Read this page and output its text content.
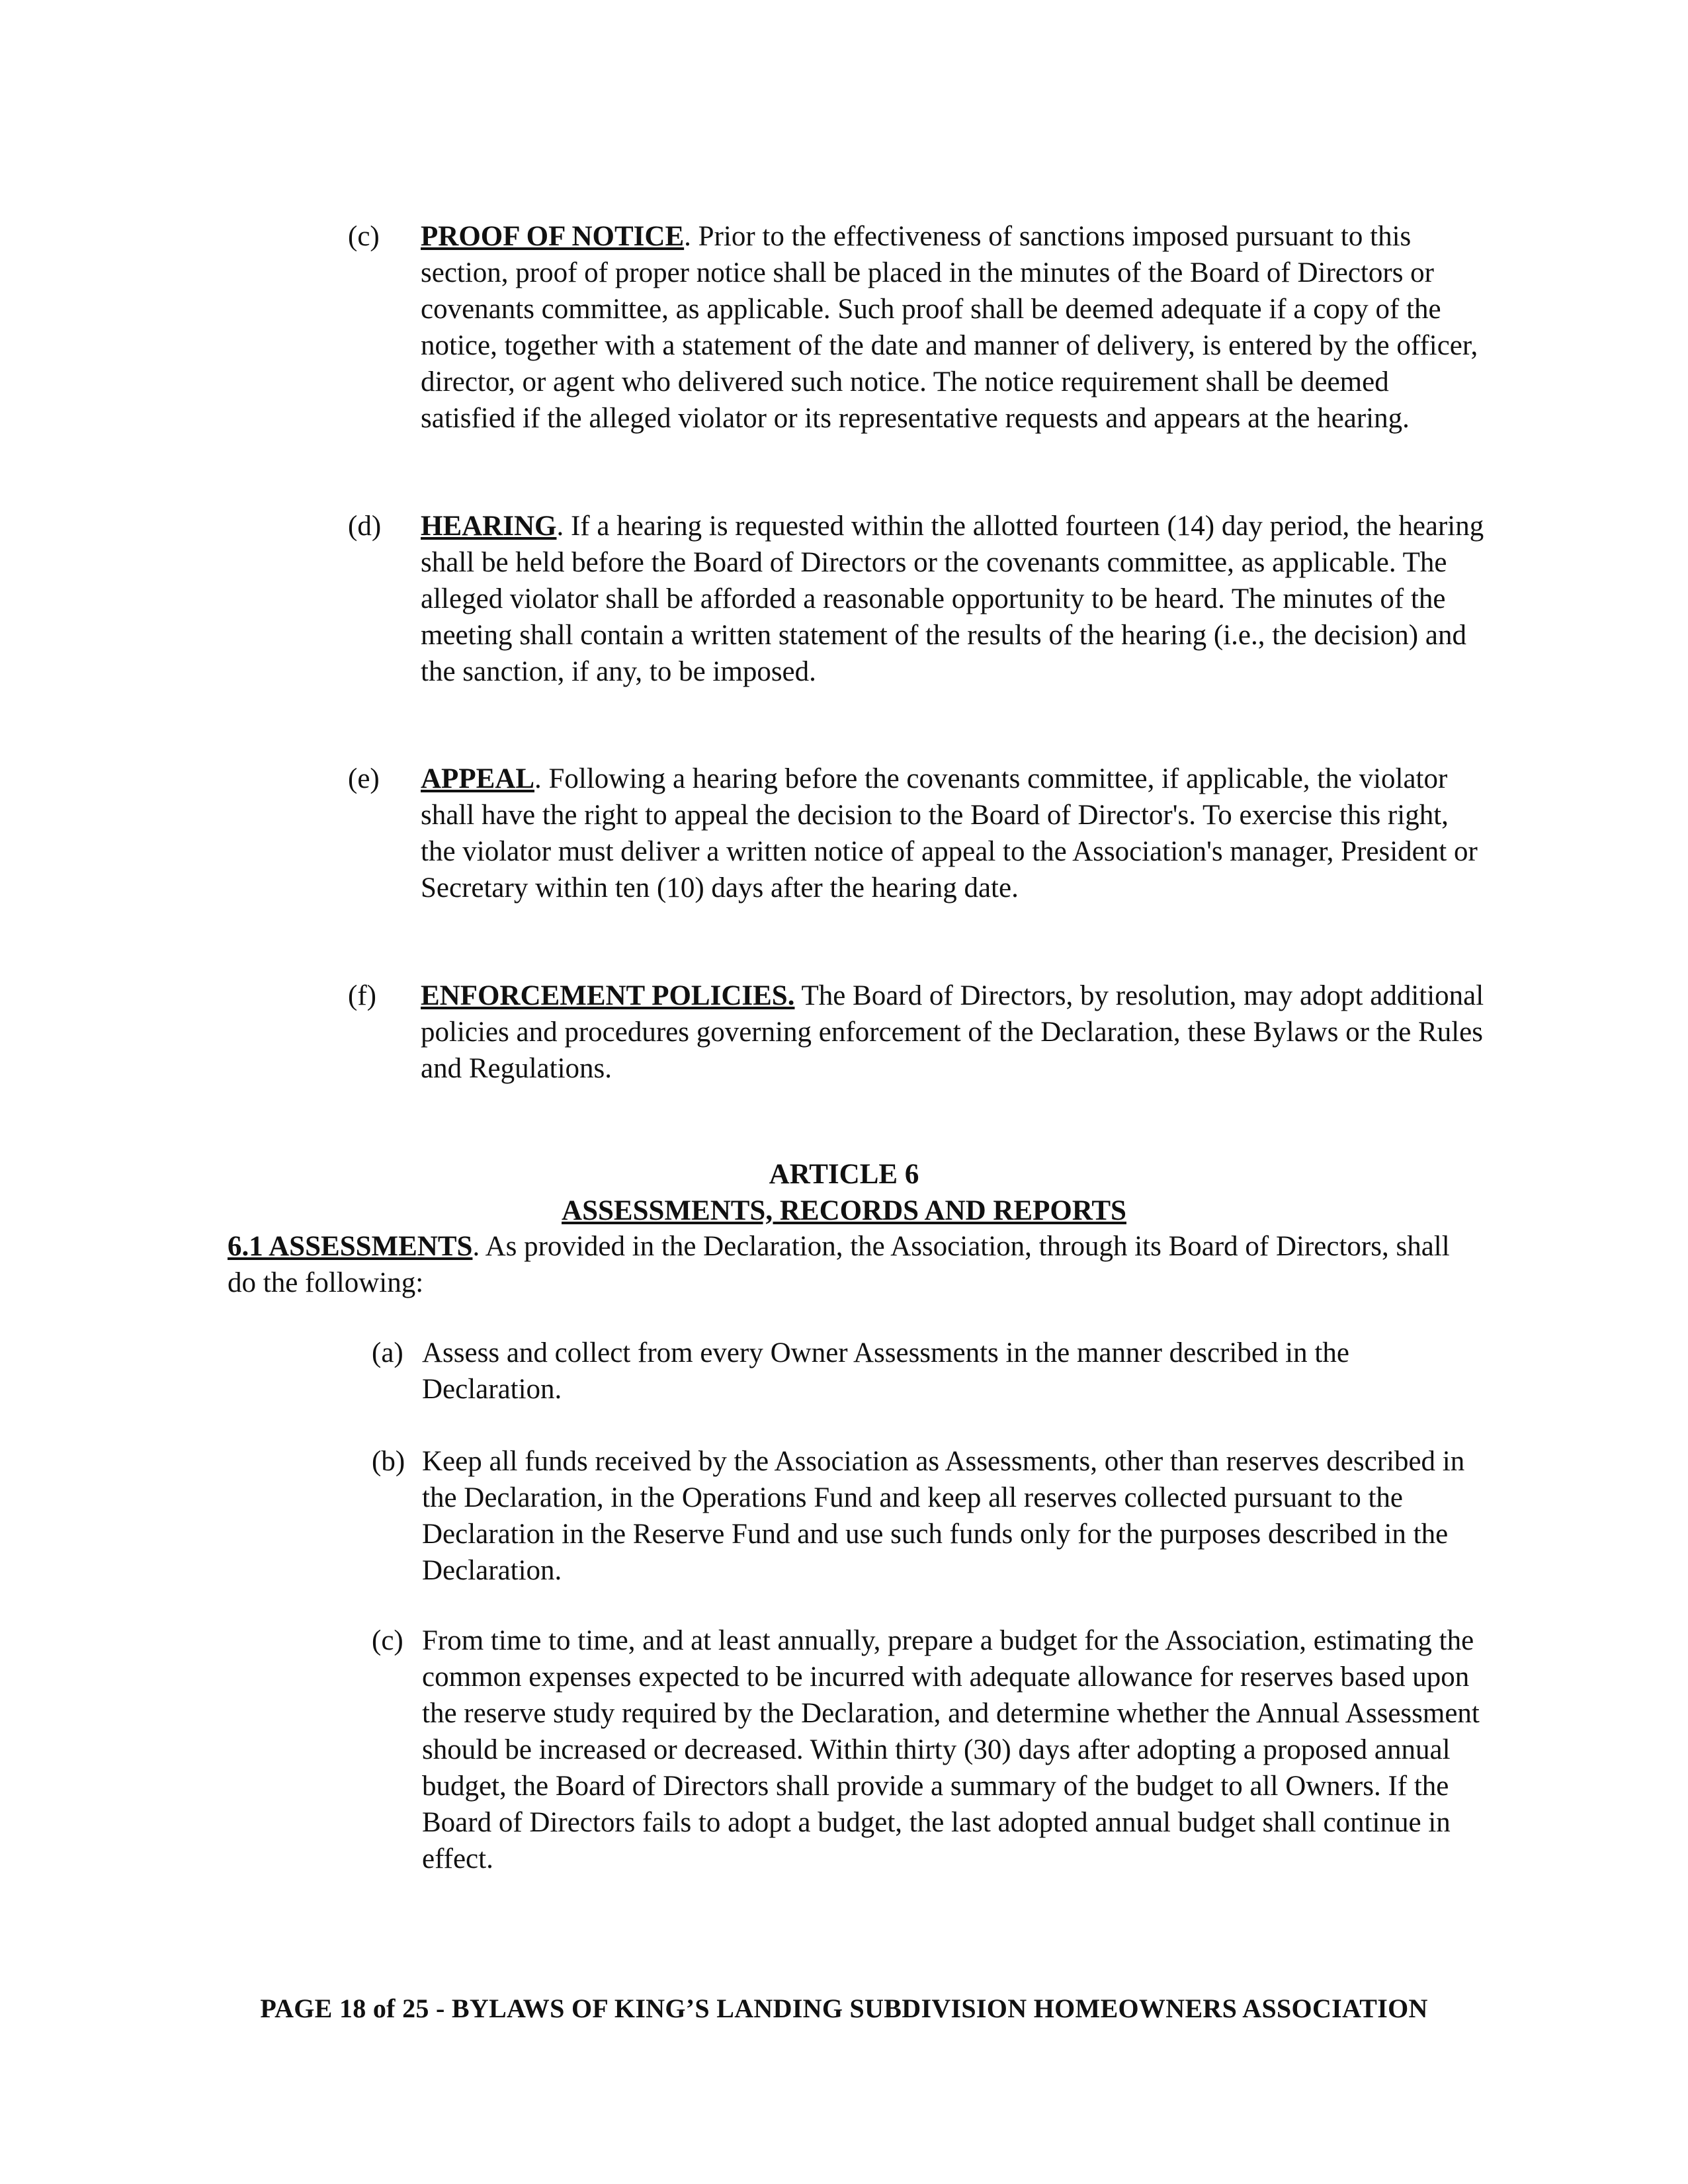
(c)	PROOF OF NOTICE. Prior to the effectiveness of sanctions imposed pursuant to this section, proof of proper notice shall be placed in the minutes of the Board of Directors or covenants committee, as applicable. Such proof shall be deemed adequate if a copy of the notice, together with a statement of the date and manner of delivery, is entered by the officer, director, or agent who delivered such notice. The notice requirement shall be deemed satisfied if the alleged violator or its representative requests and appears at the hearing.
(d)	HEARING. If a hearing is requested within the allotted fourteen (14) day period, the hearing shall be held before the Board of Directors or the covenants committee, as applicable. The alleged violator shall be afforded a reasonable opportunity to be heard. The minutes of the meeting shall contain a written statement of the results of the hearing (i.e., the decision) and the sanction, if any, to be imposed.
(e)	APPEAL. Following a hearing before the covenants committee, if applicable, the violator shall have the right to appeal the decision to the Board of Director's. To exercise this right, the violator must deliver a written notice of appeal to the Association's manager, President or Secretary within ten (10) days after the hearing date.
(f)	ENFORCEMENT POLICIES. The Board of Directors, by resolution, may adopt additional policies and procedures governing enforcement of the Declaration, these Bylaws or the Rules and Regulations.
ARTICLE 6
ASSESSMENTS, RECORDS AND REPORTS
6.1 ASSESSMENTS. As provided in the Declaration, the Association, through its Board of Directors, shall do the following:
(a) Assess and collect from every Owner Assessments in the manner described in the Declaration.
(b) Keep all funds received by the Association as Assessments, other than reserves described in the Declaration, in the Operations Fund and keep all reserves collected pursuant to the Declaration in the Reserve Fund and use such funds only for the purposes described in the Declaration.
(c) From time to time, and at least annually, prepare a budget for the Association, estimating the common expenses expected to be incurred with adequate allowance for reserves based upon the reserve study required by the Declaration, and determine whether the Annual Assessment should be increased or decreased. Within thirty (30) days after adopting a proposed annual budget, the Board of Directors shall provide a summary of the budget to all Owners. If the Board of Directors fails to adopt a budget, the last adopted annual budget shall continue in effect.
PAGE 18 of 25 - BYLAWS OF KING’S LANDING SUBDIVISION HOMEOWNERS ASSOCIATION
